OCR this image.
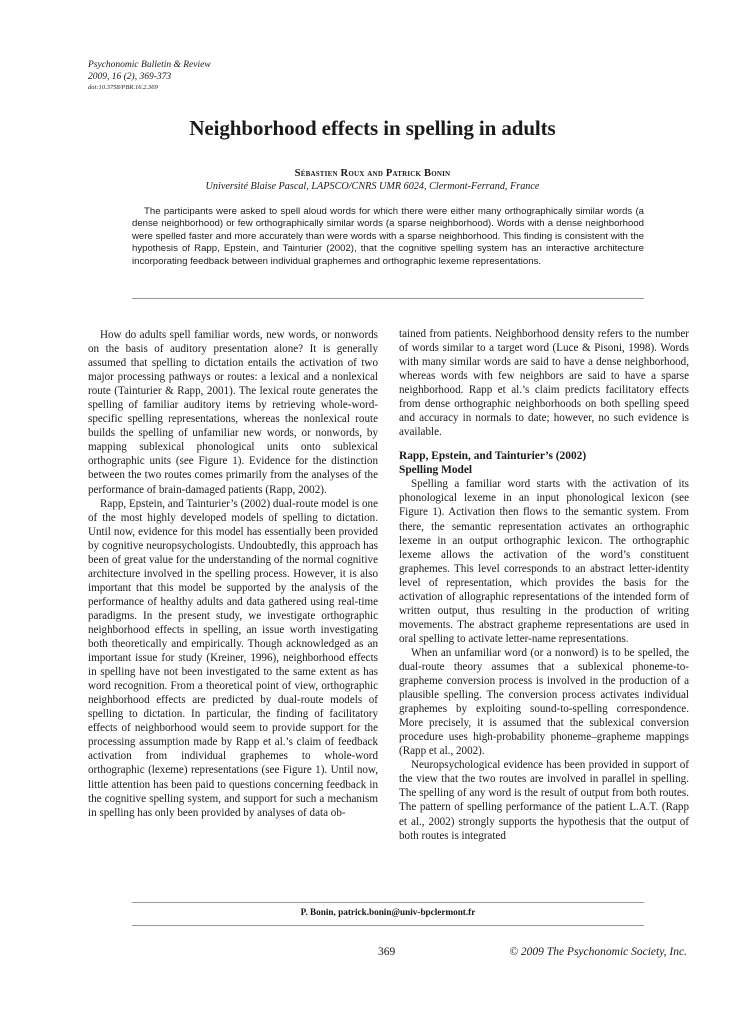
Psychonomic Bulletin & Review
2009, 16 (2), 369-373
doi:10.3758/PBR.16.2.369
Neighborhood effects in spelling in adults
Sébastien Roux and Patrick Bonin
Université Blaise Pascal, LAPSCO/CNRS UMR 6024, Clermont-Ferrand, France

The participants were asked to spell aloud words for which there were either many orthographically similar words (a dense neighborhood) or few orthographically similar words (a sparse neighborhood). Words with a dense neighborhood were spelled faster and more accurately than were words with a sparse neighborhood. This finding is consistent with the hypothesis of Rapp, Epstein, and Tainturier (2002), that the cognitive spelling system has an interactive architecture incorporating feedback between individual graphemes and orthographic lexeme representations.

How do adults spell familiar words, new words, or nonwords on the basis of auditory presentation alone? It is generally assumed that spelling to dictation entails the activation of two major processing pathways or routes: a lexical and a nonlexical route (Tainturier & Rapp, 2001). The lexical route generates the spelling of familiar auditory items by retrieving whole-word-specific spelling representations, whereas the nonlexical route builds the spelling of unfamiliar new words, or nonwords, by mapping sublexical phonological units onto sublexical orthographic units (see Figure 1). Evidence for the distinction between the two routes comes primarily from the analyses of the performance of brain-damaged patients (Rapp, 2002).

Rapp, Epstein, and Tainturier’s (2002) dual-route model is one of the most highly developed models of spelling to dictation. Until now, evidence for this model has essentially been provided by cognitive neuropsychologists. Undoubtedly, this approach has been of great value for the understanding of the normal cognitive architecture involved in the spelling process. However, it is also important that this model be supported by the analysis of the performance of healthy adults and data gathered using real-time paradigms. In the present study, we investigate orthographic neighborhood effects in spelling, an issue worth investigating both theoretically and empirically. Though acknowledged as an important issue for study (Kreiner, 1996), neighborhood effects in spelling have not been investigated to the same extent as has word recognition. From a theoretical point of view, orthographic neighborhood effects are predicted by dual-route models of spelling to dictation. In particular, the finding of facilitatory effects of neighborhood would seem to provide support for the processing assumption made by Rapp et al.’s claim of feedback activation from individual graphemes to whole-word orthographic (lexeme) representations (see Figure 1). Until now, little attention has been paid to questions concerning feedback in the cognitive spelling system, and support for such a mechanism in spelling has only been provided by analyses of data ob-

tained from patients. Neighborhood density refers to the number of words similar to a target word (Luce & Pisoni, 1998). Words with many similar words are said to have a dense neighborhood, whereas words with few neighbors are said to have a sparse neighborhood. Rapp et al.’s claim predicts facilitatory effects from dense orthographic neighborhoods on both spelling speed and accuracy in normals to date; however, no such evidence is available.

Rapp, Epstein, and Tainturier’s (2002)
Spelling Model

Spelling a familiar word starts with the activation of its phonological lexeme in an input phonological lexicon (see Figure 1). Activation then flows to the semantic system. From there, the semantic representation activates an orthographic lexeme in an output orthographic lexicon. The orthographic lexeme allows the activation of the word’s constituent graphemes. This level corresponds to an abstract letter-identity level of representation, which provides the basis for the activation of allographic representations of the intended form of written output, thus resulting in the production of writing movements. The abstract grapheme representations are used in oral spelling to activate letter-name representations.

When an unfamiliar word (or a nonword) is to be spelled, the dual-route theory assumes that a sublexical phoneme-to-grapheme conversion process is involved in the production of a plausible spelling. The conversion process activates individual graphemes by exploiting sound-to-spelling correspondence. More precisely, it is assumed that the sublexical conversion procedure uses high-probability phoneme–grapheme mappings (Rapp et al., 2002).

Neuropsychological evidence has been provided in support of the view that the two routes are involved in parallel in spelling. The spelling of any word is the result of output from both routes. The pattern of spelling performance of the patient L.A.T. (Rapp et al., 2002) strongly supports the hypothesis that the output of both routes is integrated

P. Bonin, patrick.bonin@univ-bpclermont.fr
369	© 2009 The Psychonomic Society, Inc.
